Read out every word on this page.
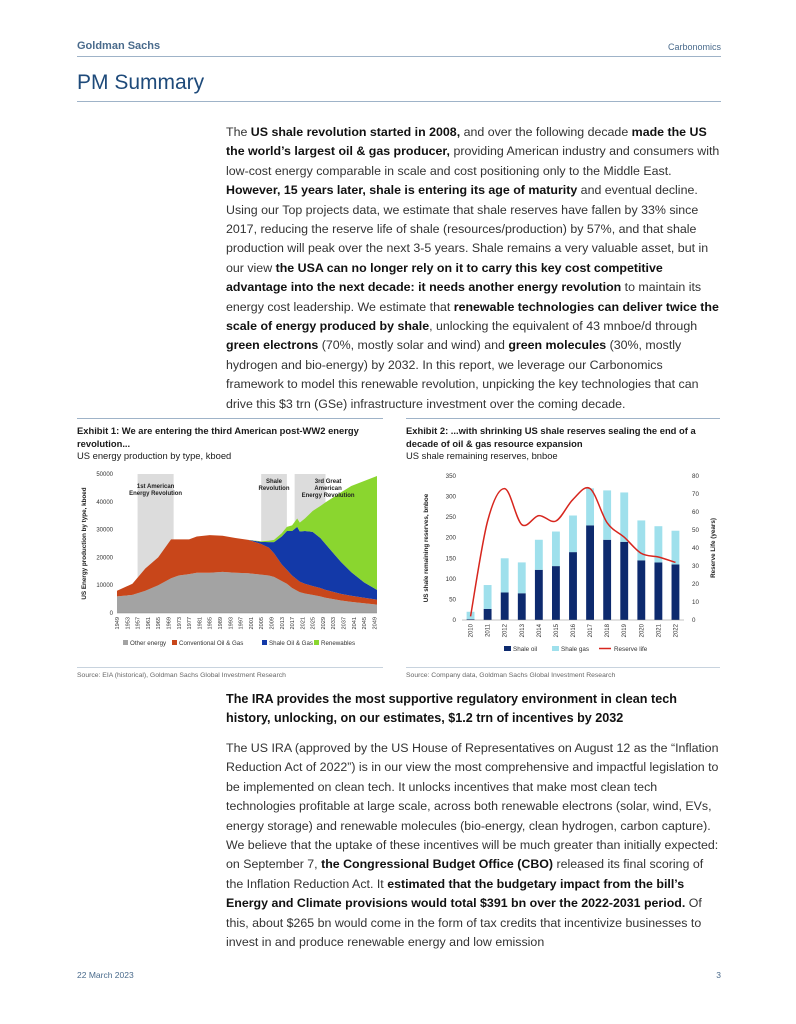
Goldman Sachs	Carbonomics
PM Summary
The US shale revolution started in 2008, and over the following decade made the US the world’s largest oil & gas producer, providing American industry and consumers with low-cost energy comparable in scale and cost positioning only to the Middle East. However, 15 years later, shale is entering its age of maturity and eventual decline. Using our Top projects data, we estimate that shale reserves have fallen by 33% since 2017, reducing the reserve life of shale (resources/production) by 57%, and that shale production will peak over the next 3-5 years. Shale remains a very valuable asset, but in our view the USA can no longer rely on it to carry this key cost competitive advantage into the next decade: it needs another energy revolution to maintain its energy cost leadership. We estimate that renewable technologies can deliver twice the scale of energy produced by shale, unlocking the equivalent of 43 mnboe/d through green electrons (70%, mostly solar and wind) and green molecules (30%, mostly hydrogen and bio-energy) by 2032. In this report, we leverage our Carbonomics framework to model this renewable revolution, unpicking the key technologies that can drive this $3 trn (GSe) infrastructure investment over the coming decade.
Exhibit 1: We are entering the third American post-WW2 energy revolution...
US energy production by type, kboed
Exhibit 2: ...with shrinking US shale reserves sealing the end of a decade of oil & gas resource expansion
US shale remaining reserves, bnboe
0
10000
20000
30000
40000
50000
1949 1953 1957 1961 1965 1969 1973 1977 1981 1985 1989 1993 1997 2001 2005 2009 2013 2017 2021 2025 2029 2033 2037 2041 2045 2049
US Energy production by type, kboed
1st American Energy Revolution
Shale Revolution
3rd Great American Energy Revolution
Other energy Conventional Oil & Gas	Shale Oil & Gas Renewables
2010 2011 2012 2013 2014 2015 2016 2017 2018 2019 2020 2021 2022
0
50
100
150
200
250
300
350
0
10
20
30
40
50
60
70
80
US shale remaining reserves, bnboe	Reserve Life (years)
Shale oil	Shale gas	Reserve life
Source: EIA (historical), Goldman Sachs Global Investment Research	Source: Company data, Goldman Sachs Global Investment Research
The IRA provides the most supportive regulatory environment in clean tech history, unlocking, on our estimates, $1.2 trn of incentives by 2032
The US IRA (approved by the US House of Representatives on August 12 as the “Inflation Reduction Act of 2022”) is in our view the most comprehensive and impactful legislation to be implemented on clean tech. It unlocks incentives that make most clean tech technologies profitable at large scale, across both renewable electrons (solar, wind, EVs, energy storage) and renewable molecules (bio-energy, clean hydrogen, carbon capture). We believe that the uptake of these incentives will be much greater than initially expected: on September 7, the Congressional Budget Office (CBO) released its final scoring of the Inflation Reduction Act. It estimated that the budgetary impact from the bill’s Energy and Climate provisions would total $391 bn over the 2022-2031 period. Of this, about $265 bn would come in the form of tax credits that incentivize businesses to invest in and produce renewable energy and low emission
22 March 2023	3
